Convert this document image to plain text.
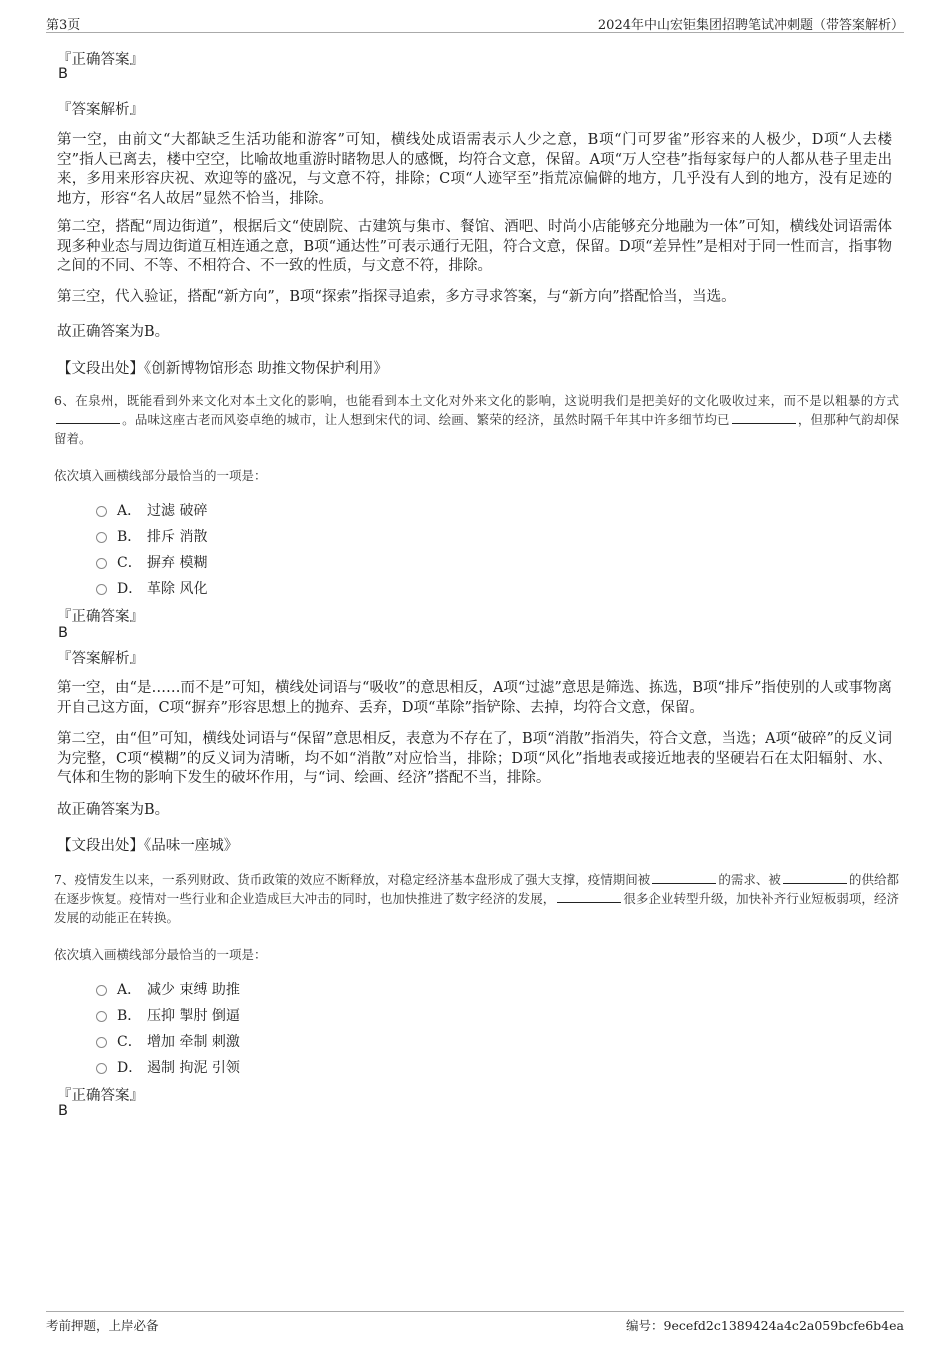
第3页	2024年中山宏钜集团招聘笔试冲刺题（带答案解析）
『正确答案』
B
『答案解析』
第一空，由前文“大都缺乏生活功能和游客”可知，横线处成语需表示人少之意，B项“门可罗雀”形容来的人极少，D项“人去楼空”指人已离去，楼中空空，比喻故地重游时睹物思人的感慨，均符合文意，保留。A项“万人空巷”指每家每户的人都从巷子里走出来，多用来形容庆祝、欢迎等的盛况，与文意不符，排除；C项“人迹罕至”指荒凉偏僻的地方，几乎没有人到的地方，没有足迹的地方，形容“名人故居”显然不恰当，排除。
第二空，搭配“周边街道”，根据后文“使剧院、古建筑与集市、餐馆、酒吧、时尚小店能够充分地融为一体”可知，横线处词语需体现多种业态与周边街道互相连通之意，B项“通达性”可表示通行无阻，符合文意，保留。D项“差异性”是相对于同一性而言，指事物之间的不同、不等、不相符合、不一致的性质，与文意不符，排除。
第三空，代入验证，搭配“新方向”，B项“探索”指探寻追索，多方寻求答案，与“新方向”搭配恰当，当选。
故正确答案为B。
【文段出处】《创新博物馆形态 助推文物保护利用》
6、在泉州，既能看到外来文化对本土文化的影响，也能看到本土文化对外来文化的影响，这说明我们是把美好的文化吸收过来，而不是以粗暴的方式。品味这座古老而风姿卓绝的城市，让人想到宋代的词、绘画、繁荣的经济，虽然时隔千年其中许多细节均已	，但那种气韵却保留着。
依次填入画横线部分最恰当的一项是：
A． 过滤 破碎
B． 排斥 消散
C． 摒弃 模糊
D． 革除 风化
『正确答案』
B
『答案解析』
第一空，由“是……而不是”可知，横线处词语与“吸收”的意思相反，A项“过滤”意思是筛选、拣选，B项“排斥”指使别的人或事物离开自己这方面，C项“摒弃”形容思想上的抛弃、丢弃，D项“革除”指铲除、去掉，均符合文意，保留。
第二空，由“但”可知，横线处词语与“保留”意思相反，表意为不存在了，B项“消散”指消失，符合文意，当选；A项“破碎”的反义词为完整，C项“模糊”的反义词为清晰，均不如“消散”对应恰当，排除；D项“风化”指地表或接近地表的坚硬岩石在太阳辐射、水、气体和生物的影响下发生的破坏作用，与“词、绘画、经济”搭配不当，排除。
故正确答案为B。
【文段出处】《品味一座城》
7、疫情发生以来，一系列财政、货币政策的效应不断释放，对稳定经济基本盘形成了强大支撑，疫情期间被	的需求、被	的供给都在逐步恢复。疫情对一些行业和企业造成巨大冲击的同时，也加快推进了数字经济的发展，	很多企业转型升级，加快补齐行业短板弱项，经济发展的动能正在转换。
依次填入画横线部分最恰当的一项是：
A． 减少 束缚 助推
B． 压抑 掣肘 倒逼
C． 增加 牵制 刺激
D． 遏制 拘泥 引领
『正确答案』
B
考前押题，上岸必备	编号：9ecefd2c1389424a4c2a059bcfe6b4ea
